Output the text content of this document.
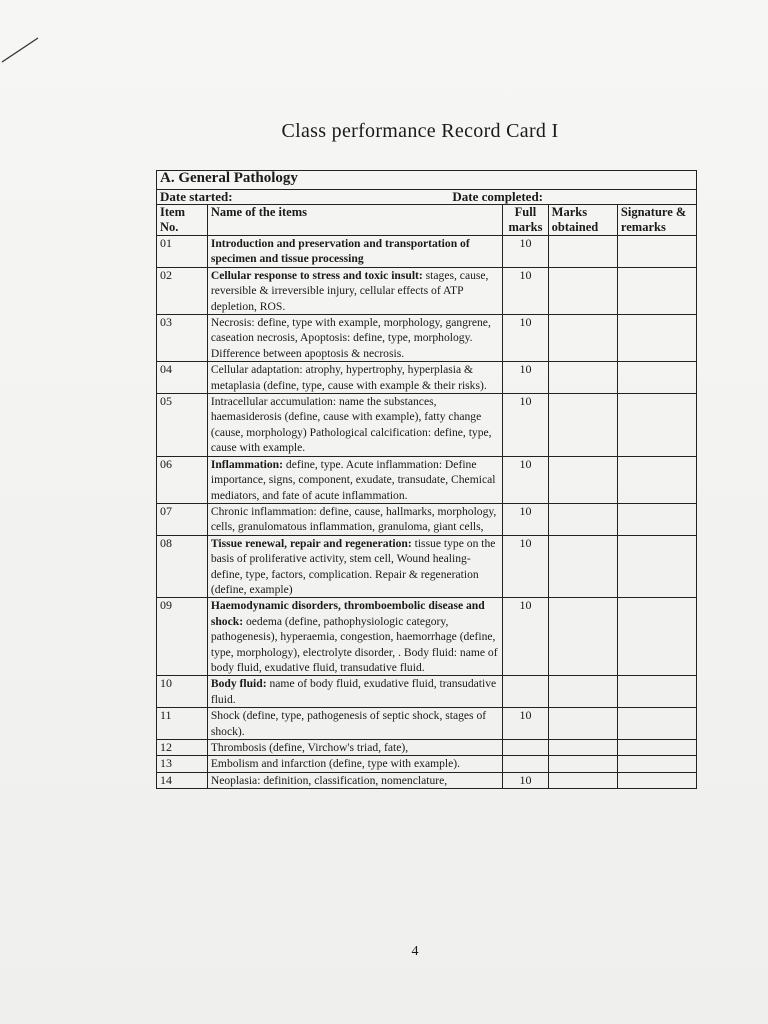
Class performance Record Card I
A. General Pathology				
Date started: Date completed:				

Item No.	Name of the items	Full marks	Marks obtained	Signature & remarks
01	Introduction and preservation and transportation of specimen and tissue processing	10		
02	Cellular response to stress and toxic insult: stages, cause, reversible & irreversible injury, cellular effects of ATP depletion, ROS.	10		
03	Necrosis: define, type with example, morphology, gangrene, caseation necrosis, Apoptosis: define, type, morphology. Difference between apoptosis & necrosis.	10		
04	Cellular adaptation: atrophy, hypertrophy, hyperplasia & metaplasia (define, type, cause with example & their risks).	10		
05	Intracellular accumulation: name the substances, haemasiderosis (define, cause with example), fatty change (cause, morphology) Pathological calcification: define, type, cause with example.	10		
06	Inflammation: define, type. Acute inflammation: Define importance, signs, component, exudate, transudate, Chemical mediators, and fate of acute inflammation.	10		
07	Chronic inflammation: define, cause, hallmarks, morphology, cells, granulomatous inflammation, granuloma, giant cells,	10		
08	Tissue renewal, repair and regeneration: tissue type on the basis of proliferative activity, stem cell, Wound healing- define, type, factors, complication. Repair & regeneration (define, example)	10		
09	Haemodynamic disorders, thromboembolic disease and shock: oedema (define, pathophysiologic category, pathogenesis), hyperaemia, congestion, haemorrhage (define, type, morphology), electrolyte disorder, . Body fluid: name of body fluid, exudative fluid, transudative fluid.	10		
10	Body fluid: name of body fluid, exudative fluid, transudative fluid.			
11	Shock (define, type, pathogenesis of septic shock, stages of shock).	10		
12	Thrombosis (define, Virchow's triad, fate),			
13	Embolism and infarction (define, type with example).			
14	Neoplasia: definition, classification, nomenclature,	10		
4
